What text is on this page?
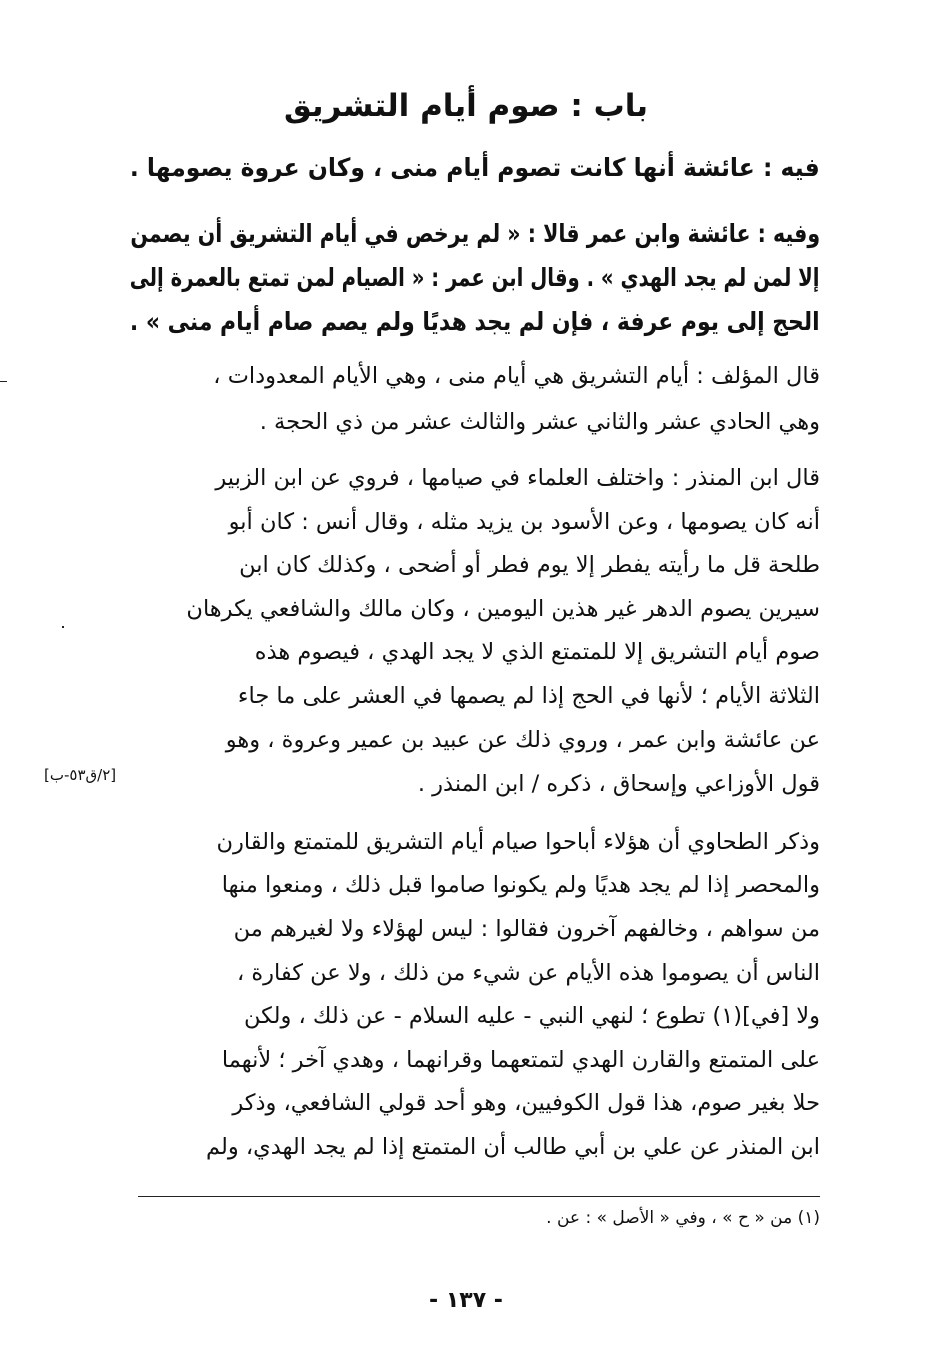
باب : صوم أيام التشريق
فيه : عائشة أنها كانت تصوم أيام منى ، وكان عروة يصومها .
وفيه : عائشة وابن عمر قالا : « لم يرخص في أيام التشريق أن يصمن
إلا لمن لم يجد الهدي » . وقال ابن عمر : « الصيام لمن تمتع بالعمرة إلى
الحج إلى يوم عرفة ، فإن لم يجد هديًا ولم يصم صام أيام منى » .
قال المؤلف : أيام التشريق هي أيام منى ، وهي الأيام المعدودات ،
وهي الحادي عشر والثاني عشر والثالث عشر من ذي الحجة .
قال ابن المنذر : واختلف العلماء في صيامها ، فروي عن ابن الزبير
أنه كان يصومها ، وعن الأسود بن يزيد مثله ، وقال أنس : كان أبو
طلحة قل ما رأيته يفطر إلا يوم فطر أو أضحى ، وكذلك كان ابن
سيرين يصوم الدهر غير هذين اليومين ، وكان مالك والشافعي يكرهان
صوم أيام التشريق إلا للمتمتع الذي لا يجد الهدي ، فيصوم هذه
الثلاثة الأيام ؛ لأنها في الحج إذا لم يصمها في العشر على ما جاء
عن عائشة وابن عمر ، وروي ذلك عن عبيد بن عمير وعروة ، وهو
قول الأوزاعي وإسحاق ، ذكره / ابن المنذر .
[٢/ق٥٣-ب]
وذكر الطحاوي أن هؤلاء أباحوا صيام أيام التشريق للمتمتع والقارن
والمحصر إذا لم يجد هديًا ولم يكونوا صاموا قبل ذلك ، ومنعوا منها
من سواهم ، وخالفهم آخرون فقالوا : ليس لهؤلاء ولا لغيرهم من
الناس أن يصوموا هذه الأيام عن شيء من ذلك ، ولا عن كفارة ،
ولا [في](١) تطوع ؛ لنهي النبي - عليه السلام - عن ذلك ، ولكن
على المتمتع والقارن الهدي لتمتعهما وقرانهما ، وهدي آخر ؛ لأنهما
حلا بغير صوم، هذا قول الكوفيين، وهو أحد قولي الشافعي، وذكر
ابن المنذر عن علي بن أبي طالب أن المتمتع إذا لم يجد الهدي، ولم
(١) من « ح » ، وفي « الأصل » : عن .
- ١٣٧ -
